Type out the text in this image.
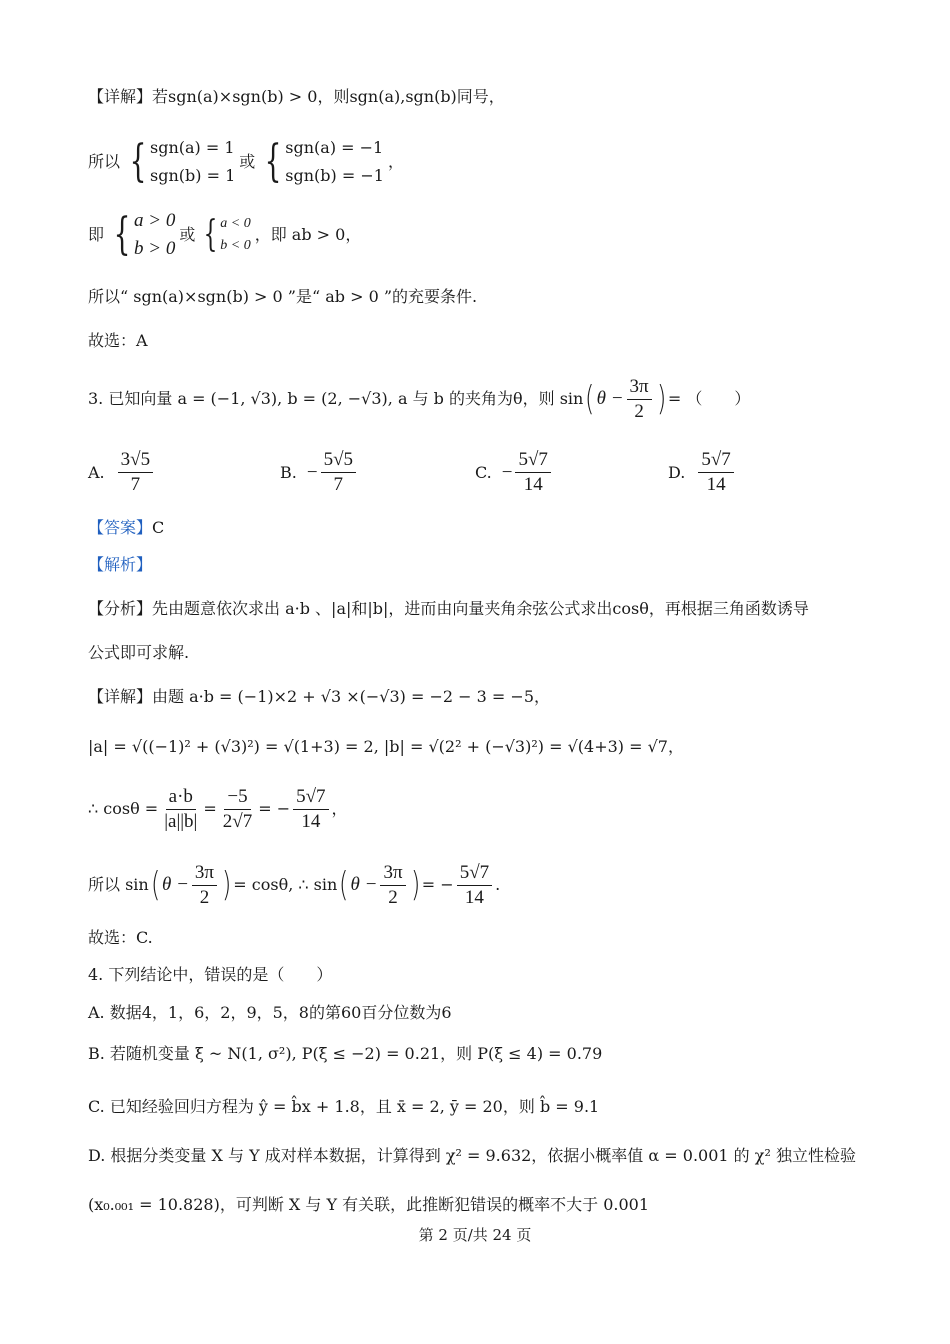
【详解】 若sgn(a)×sgn(b) > 0，则sgn(a),sgn(b)同号，
所以 { sgn(a) = 1
sgn(b) = 1
或 { sgn(a) = −1
sgn(b) = −1
，
即 { a > 0
b > 0
或 { a < 0
b < 0
，即 ab > 0，
所以“ sgn(a)×sgn(b) > 0 ”是“ ab > 0 ”的充要条件.
故选：A
3. 已知向量 a = (−1, √3), b = (2, −√3), a 与 b 的夹角为θ，则 sin ( $\theta - \frac{3\pi}{2}$ ) = （　　）
A. $\frac{3√5}{7}$	B. − $\frac{5√5}{7}$	C. − $\frac{5√7}{14}$	D. $\frac{5√7}{14}$
【答案】 C
【解析】
【分析】 先由题意依次求出 a·b 、|a|和|b|，进而由向量夹角余弦公式求出cosθ，再根据三角函数诱导
公式即可求解.
【详解】 由题 a·b = (−1)×2 + √3 ×(−√3) = −2 − 3 = −5，
|a| = √((−1)² + (√3)²) = √(1+3) = 2, |b| = √(2² + (−√3)²) = √(4+3) = √7，
∴ $\cos\theta = \frac{a\cdot b}{|a||b|} = \frac{-5}{2√7}$ = − $\frac{5√7}{14}$ ，
所以 sin ( $\theta - \frac{3\pi}{2}$ ) = cosθ, ∴ sin ( $\theta - \frac{3\pi}{2}$ ) = − $\frac{5√7}{14}$ .
故选：C.
4. 下列结论中，错误的是（　　）
A. 数据4，1，6，2，9，5，8的第60百分位数为6
B. 若随机变量 ξ ~ N(1, σ²), P(ξ ≤ −2) = 0.21，则 P(ξ ≤ 4) = 0.79
C. 已知经验回归方程为 ŷ = b̂x + 1.8，且 x̄ = 2, ȳ = 20，则 b̂ = 9.1
D. 根据分类变量 X 与 Y 成对样本数据，计算得到 χ² = 9.632，依据小概率值 α = 0.001 的 χ² 独立性检验
(x₀.₀₀₁ = 10.828)，可判断 X 与 Y 有关联，此推断犯错误的概率不大于 0.001
第 2 页/共 24 页
